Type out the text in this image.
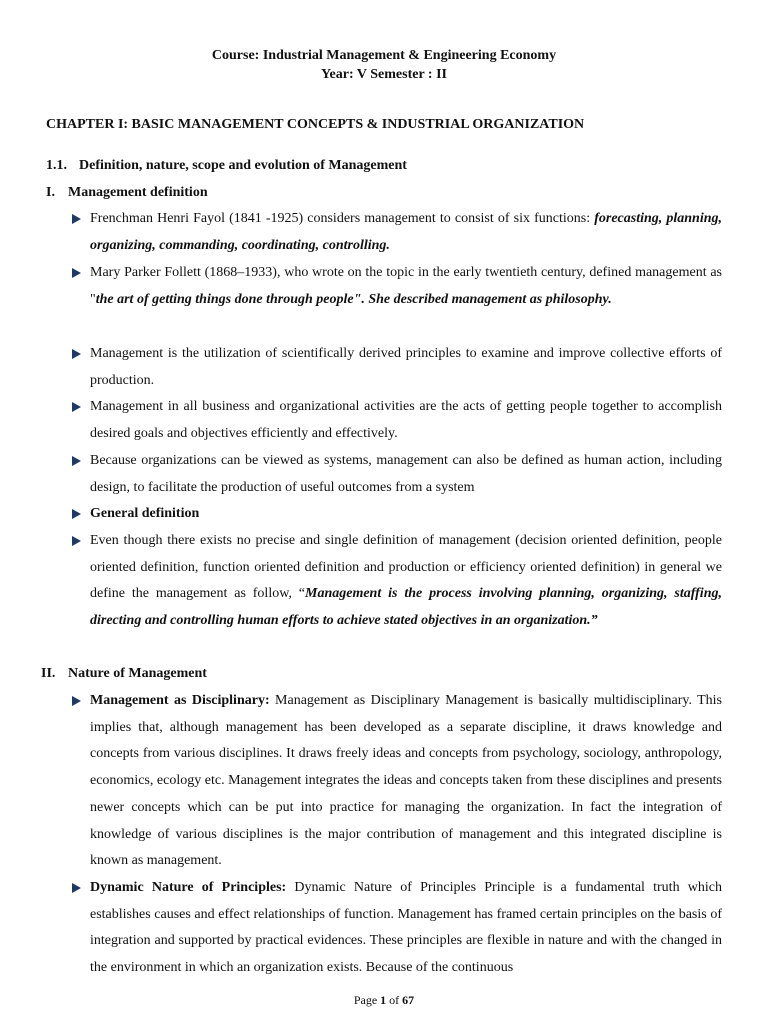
Course: Industrial Management & Engineering Economy
Year: V Semester : II
CHAPTER I: BASIC MANAGEMENT CONCEPTS & INDUSTRIAL ORGANIZATION
1.1. Definition, nature, scope and evolution of Management
I. Management definition
Frenchman Henri Fayol (1841 -1925) considers management to consist of six functions: forecasting, planning, organizing, commanding, coordinating, controlling.
Mary Parker Follett (1868–1933), who wrote on the topic in the early twentieth century, defined management as "the art of getting things done through people". She described management as philosophy.
Management is the utilization of scientifically derived principles to examine and improve collective efforts of production.
Management in all business and organizational activities are the acts of getting people together to accomplish desired goals and objectives efficiently and effectively.
Because organizations can be viewed as systems, management can also be defined as human action, including design, to facilitate the production of useful outcomes from a system
General definition
Even though there exists no precise and single definition of management (decision oriented definition, people oriented definition, function oriented definition and production or efficiency oriented definition) in general we define the management as follow, “Management is the process involving planning, organizing, staffing, directing and controlling human efforts to achieve stated objectives in an organization.”
II. Nature of Management
Management as Disciplinary: Management as Disciplinary Management is basically multidisciplinary. This implies that, although management has been developed as a separate discipline, it draws knowledge and concepts from various disciplines. It draws freely ideas and concepts from psychology, sociology, anthropology, economics, ecology etc. Management integrates the ideas and concepts taken from these disciplines and presents newer concepts which can be put into practice for managing the organization. In fact the integration of knowledge of various disciplines is the major contribution of management and this integrated discipline is known as management.
Dynamic Nature of Principles: Dynamic Nature of Principles Principle is a fundamental truth which establishes causes and effect relationships of function. Management has framed certain principles on the basis of integration and supported by practical evidences. These principles are flexible in nature and with the changed in the environment in which an organization exists. Because of the continuous
Page 1 of 67
